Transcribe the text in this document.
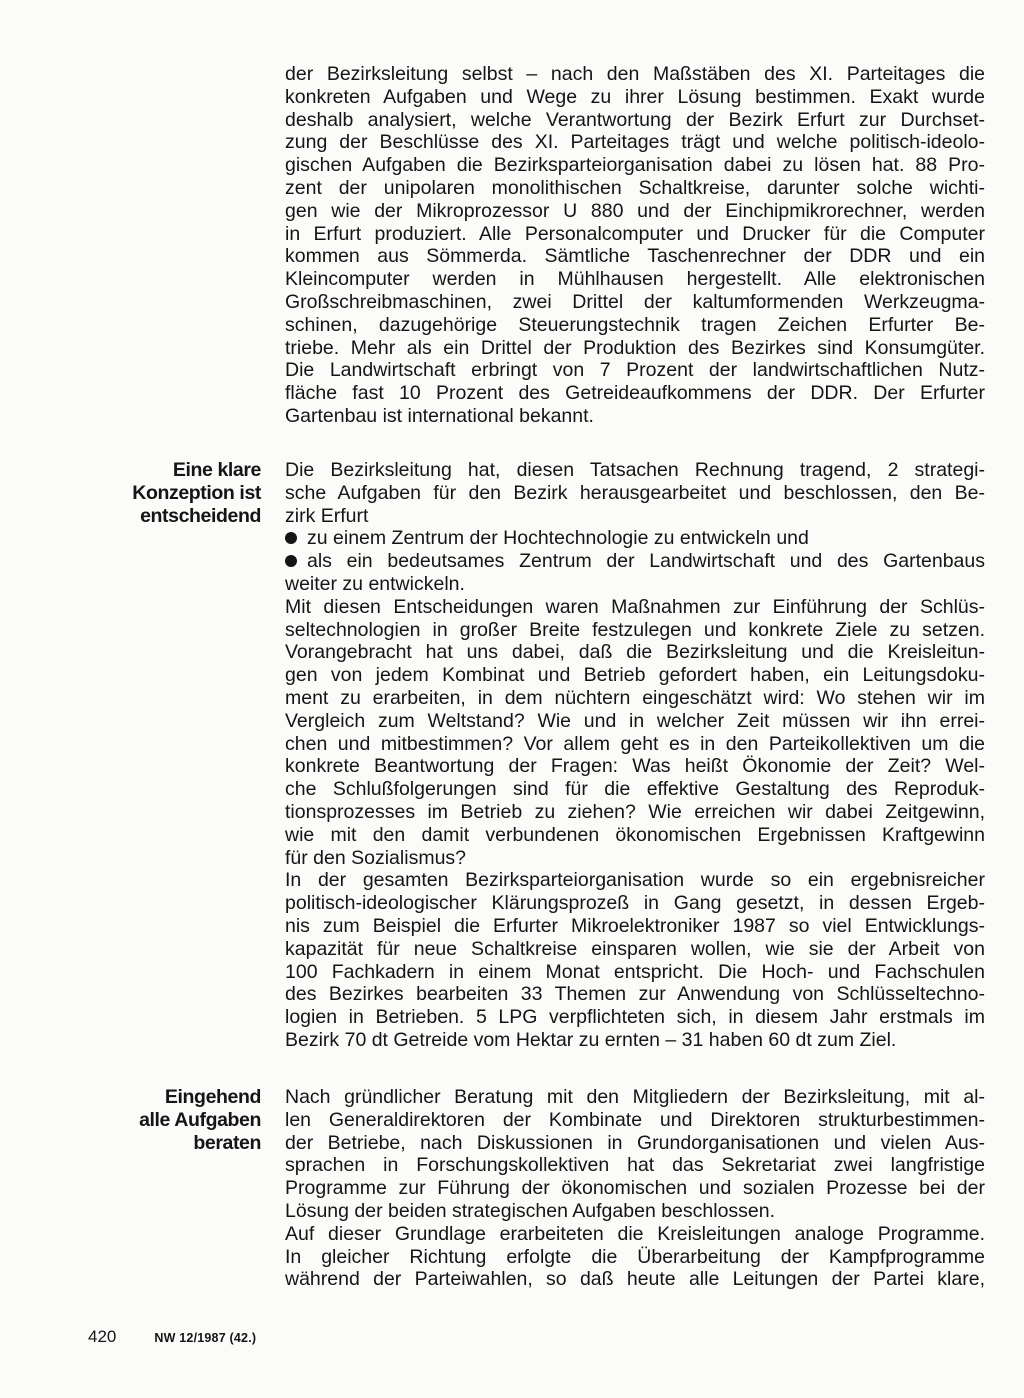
der Bezirksleitung selbst – nach den Maßstäben des XI. Parteitages die
konkreten Aufgaben und Wege zu ihrer Lösung bestimmen. Exakt wurde
deshalb analysiert, welche Verantwortung der Bezirk Erfurt zur Durchset-
zung der Beschlüsse des XI. Parteitages trägt und welche politisch-ideolo-
gischen Aufgaben die Bezirksparteiorganisation dabei zu lösen hat. 88 Pro-
zent der unipolaren monolithischen Schaltkreise, darunter solche wichti-
gen wie der Mikroprozessor U 880 und der Einchipmikrorechner, werden
in Erfurt produziert. Alle Personalcomputer und Drucker für die Computer
kommen aus Sömmerda. Sämtliche Taschenrechner der DDR und ein
Kleincomputer werden in Mühlhausen hergestellt. Alle elektronischen
Großschreibmaschinen, zwei Drittel der kaltumformenden Werkzeugma-
schinen, dazugehörige Steuerungstechnik tragen Zeichen Erfurter Be-
triebe. Mehr als ein Drittel der Produktion des Bezirkes sind Konsumgüter.
Die Landwirtschaft erbringt von 7 Prozent der landwirtschaftlichen Nutz-
fläche fast 10 Prozent des Getreideaufkommens der DDR. Der Erfurter
Gartenbau ist international bekannt.

Eine klare
Konzeption ist
entscheidend

Die Bezirksleitung hat, diesen Tatsachen Rechnung tragend, 2 strategi-
sche Aufgaben für den Bezirk herausgearbeitet und beschlossen, den Be-
zirk Erfurt

zu einem Zentrum der Hochtechnologie zu entwickeln und
als ein bedeutsames Zentrum der Landwirtschaft und des Gartenbaus
weiter zu entwickeln.

Mit diesen Entscheidungen waren Maßnahmen zur Einführung der Schlüs-
seltechnologien in großer Breite festzulegen und konkrete Ziele zu setzen.
Vorangebracht hat uns dabei, daß die Bezirksleitung und die Kreisleitun-
gen von jedem Kombinat und Betrieb gefordert haben, ein Leitungsdoku-
ment zu erarbeiten, in dem nüchtern eingeschätzt wird: Wo stehen wir im
Vergleich zum Weltstand? Wie und in welcher Zeit müssen wir ihn errei-
chen und mitbestimmen? Vor allem geht es in den Parteikollektiven um die
konkrete Beantwortung der Fragen: Was heißt Ökonomie der Zeit? Wel-
che Schlußfolgerungen sind für die effektive Gestaltung des Reproduk-
tionsprozesses im Betrieb zu ziehen? Wie erreichen wir dabei Zeitgewinn,
wie mit den damit verbundenen ökonomischen Ergebnissen Kraftgewinn
für den Sozialismus?

In der gesamten Bezirksparteiorganisation wurde so ein ergebnisreicher
politisch-ideologischer Klärungsprozeß in Gang gesetzt, in dessen Ergeb-
nis zum Beispiel die Erfurter Mikroelektroniker 1987 so viel Entwicklungs-
kapazität für neue Schaltkreise einsparen wollen, wie sie der Arbeit von
100 Fachkadern in einem Monat entspricht. Die Hoch- und Fachschulen
des Bezirkes bearbeiten 33 Themen zur Anwendung von Schlüsseltechno-
logien in Betrieben. 5 LPG verpflichteten sich, in diesem Jahr erstmals im
Bezirk 70 dt Getreide vom Hektar zu ernten – 31 haben 60 dt zum Ziel.

Eingehend
alle Aufgaben
beraten

Nach gründlicher Beratung mit den Mitgliedern der Bezirksleitung, mit al-
len Generaldirektoren der Kombinate und Direktoren strukturbestimmen-
der Betriebe, nach Diskussionen in Grundorganisationen und vielen Aus-
sprachen in Forschungskollektiven hat das Sekretariat zwei langfristige
Programme zur Führung der ökonomischen und sozialen Prozesse bei der
Lösung der beiden strategischen Aufgaben beschlossen.

Auf dieser Grundlage erarbeiteten die Kreisleitungen analoge Programme.
In gleicher Richtung erfolgte die Überarbeitung der Kampfprogramme
während der Parteiwahlen, so daß heute alle Leitungen der Partei klare,

420	NW 12/1987 (42.)
